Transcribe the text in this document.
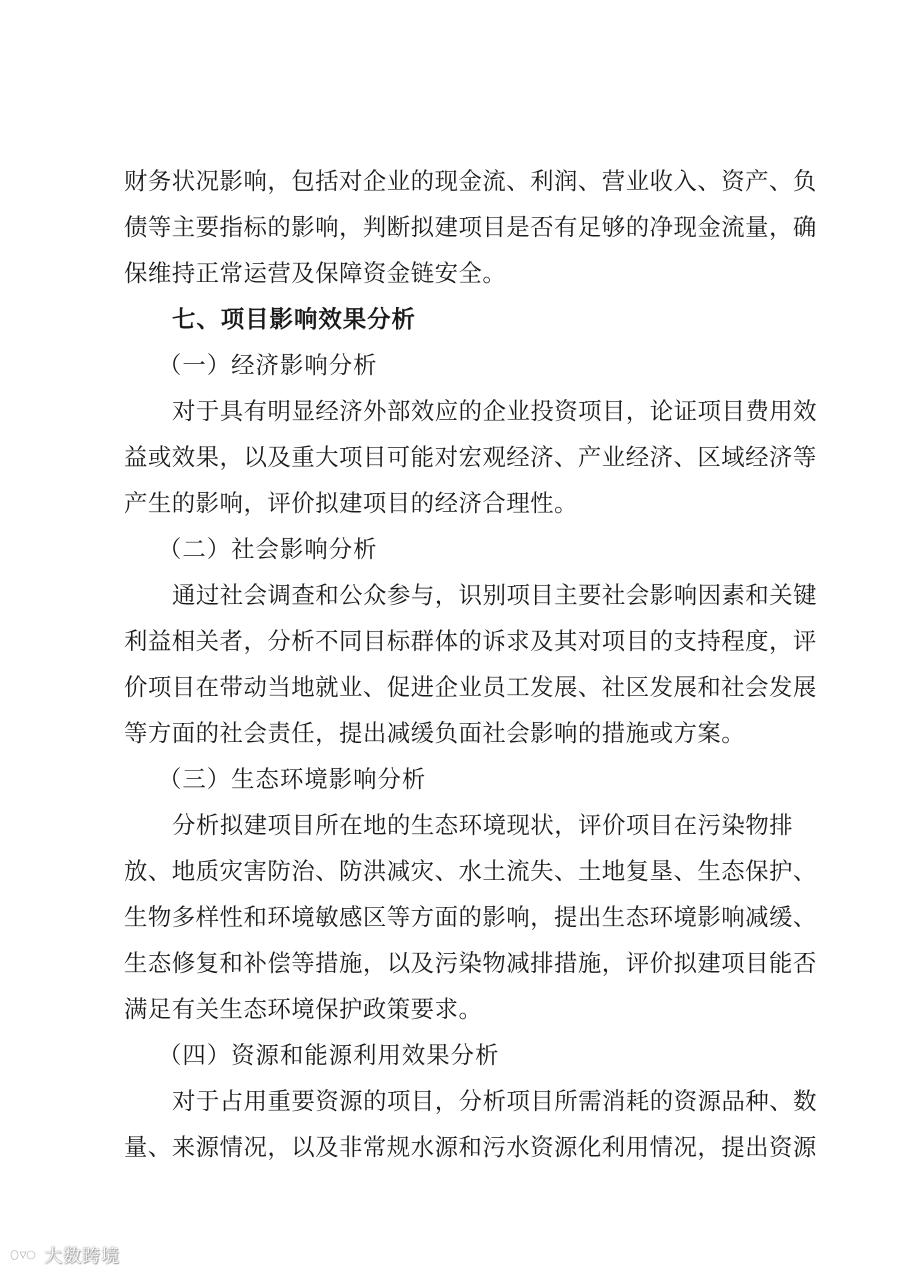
财务状况影响，包括对企业的现金流、利润、营业收入、资产、负
债等主要指标的影响，判断拟建项目是否有足够的净现金流量，确
保维持正常运营及保障资金链安全。
七、项目影响效果分析
（一）经济影响分析
对于具有明显经济外部效应的企业投资项目，论证项目费用效
益或效果，以及重大项目可能对宏观经济、产业经济、区域经济等
产生的影响，评价拟建项目的经济合理性。
（二）社会影响分析
通过社会调查和公众参与，识别项目主要社会影响因素和关键
利益相关者，分析不同目标群体的诉求及其对项目的支持程度，评
价项目在带动当地就业、促进企业员工发展、社区发展和社会发展
等方面的社会责任，提出减缓负面社会影响的措施或方案。
（三）生态环境影响分析
分析拟建项目所在地的生态环境现状，评价项目在污染物排
放、地质灾害防治、防洪减灾、水土流失、土地复垦、生态保护、
生物多样性和环境敏感区等方面的影响，提出生态环境影响减缓、
生态修复和补偿等措施，以及污染物减排措施，评价拟建项目能否
满足有关生态环境保护政策要求。
（四）资源和能源利用效果分析
对于占用重要资源的项目，分析项目所需消耗的资源品种、数
量、来源情况，以及非常规水源和污水资源化利用情况，提出资源
大数跨境
